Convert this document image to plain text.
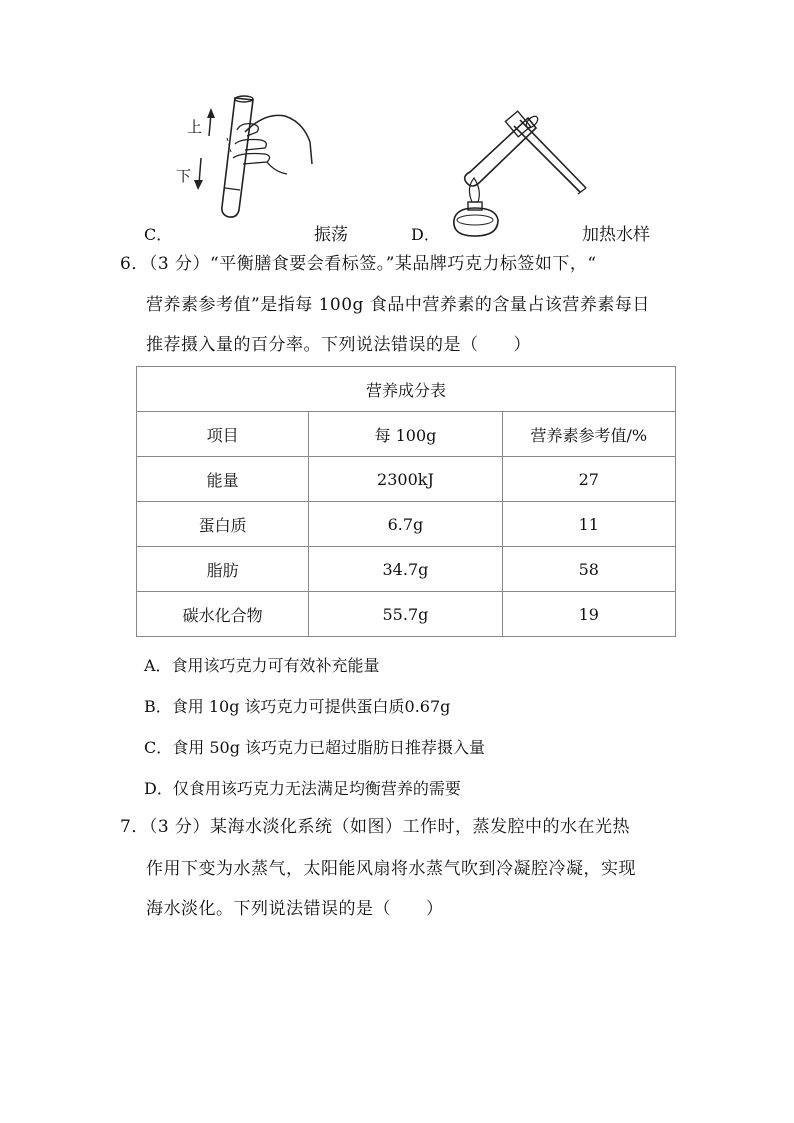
上
下
C．	振荡	D．	加热水样
6．（3 分）“平衡膳食要会看标签。”某品牌巧克力标签如下，“
营养素参考值”是指每 100g 食品中营养素的含量占该营养素每日
推荐摄入量的百分率。下列说法错误的是（　　）
营养成分表		
项目	每 100g	营养素参考值/%
能量	2300kJ	27
蛋白质	6.7g	11
脂肪	34.7g	58
碳水化合物	55.7g	19
A．食用该巧克力可有效补充能量
B．食用 10g 该巧克力可提供蛋白质0.67g
C．食用 50g 该巧克力已超过脂肪日推荐摄入量
D．仅食用该巧克力无法满足均衡营养的需要
7．（3 分）某海水淡化系统（如图）工作时，蒸发腔中的水在光热
作用下变为水蒸气，太阳能风扇将水蒸气吹到冷凝腔冷凝，实现
海水淡化。下列说法错误的是（　　）
